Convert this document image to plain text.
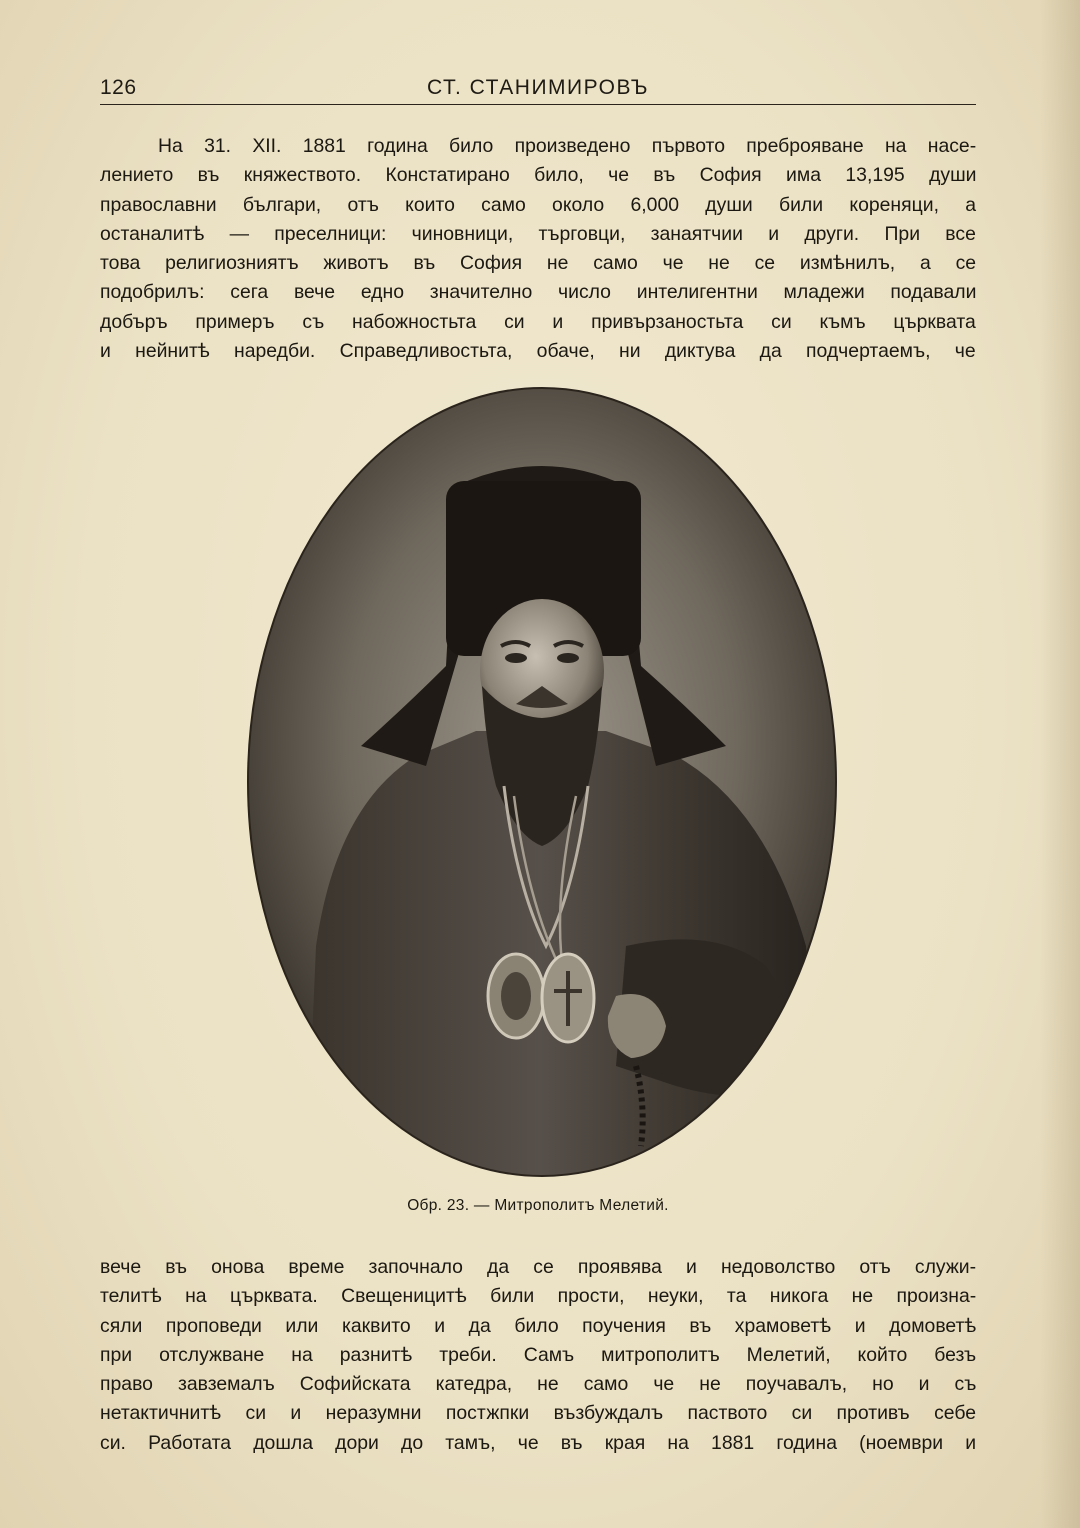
126	СТ. СТАНИМИРОВЪ

На 31. XII. 1881 година било произведено първото преброяване на насе-
лението въ княжеството. Констатирано било, че въ София има 13,195 души
православни българи, отъ които само около 6,000 души били кореняци, а
останалитѣ — преселници: чиновници, търговци, занаятчии и други. При все
това религиозниятъ животъ въ София не само че не се измѣнилъ, а се
подобрилъ: сега вече едно значително число интелигентни младежи подавали
добъръ примеръ съ набожностьта си и привързаностьта си къмъ църквата
и нейнитѣ наредби. Справедливостьта, обаче, ни диктува да подчертаемъ, че

Обр. 23. — Митрополитъ Мелетий.

вече въ онова време започнало да се проявява и недоволство отъ служи-
телитѣ на църквата. Свещеницитѣ били прости, неуки, та никога не произна-
сяли проповеди или каквито и да било поучения въ храмоветѣ и домоветѣ
при отслужване на разнитѣ треби. Самъ митрополитъ Мелетий, който безъ
право завземалъ Софийската катедра, не само че не поучавалъ, но и съ
нетактичнитѣ си и неразумни постжпки възбуждалъ паството си противъ себе
си. Работата дошла дори до тамъ, че въ края на 1881 година (ноември и
